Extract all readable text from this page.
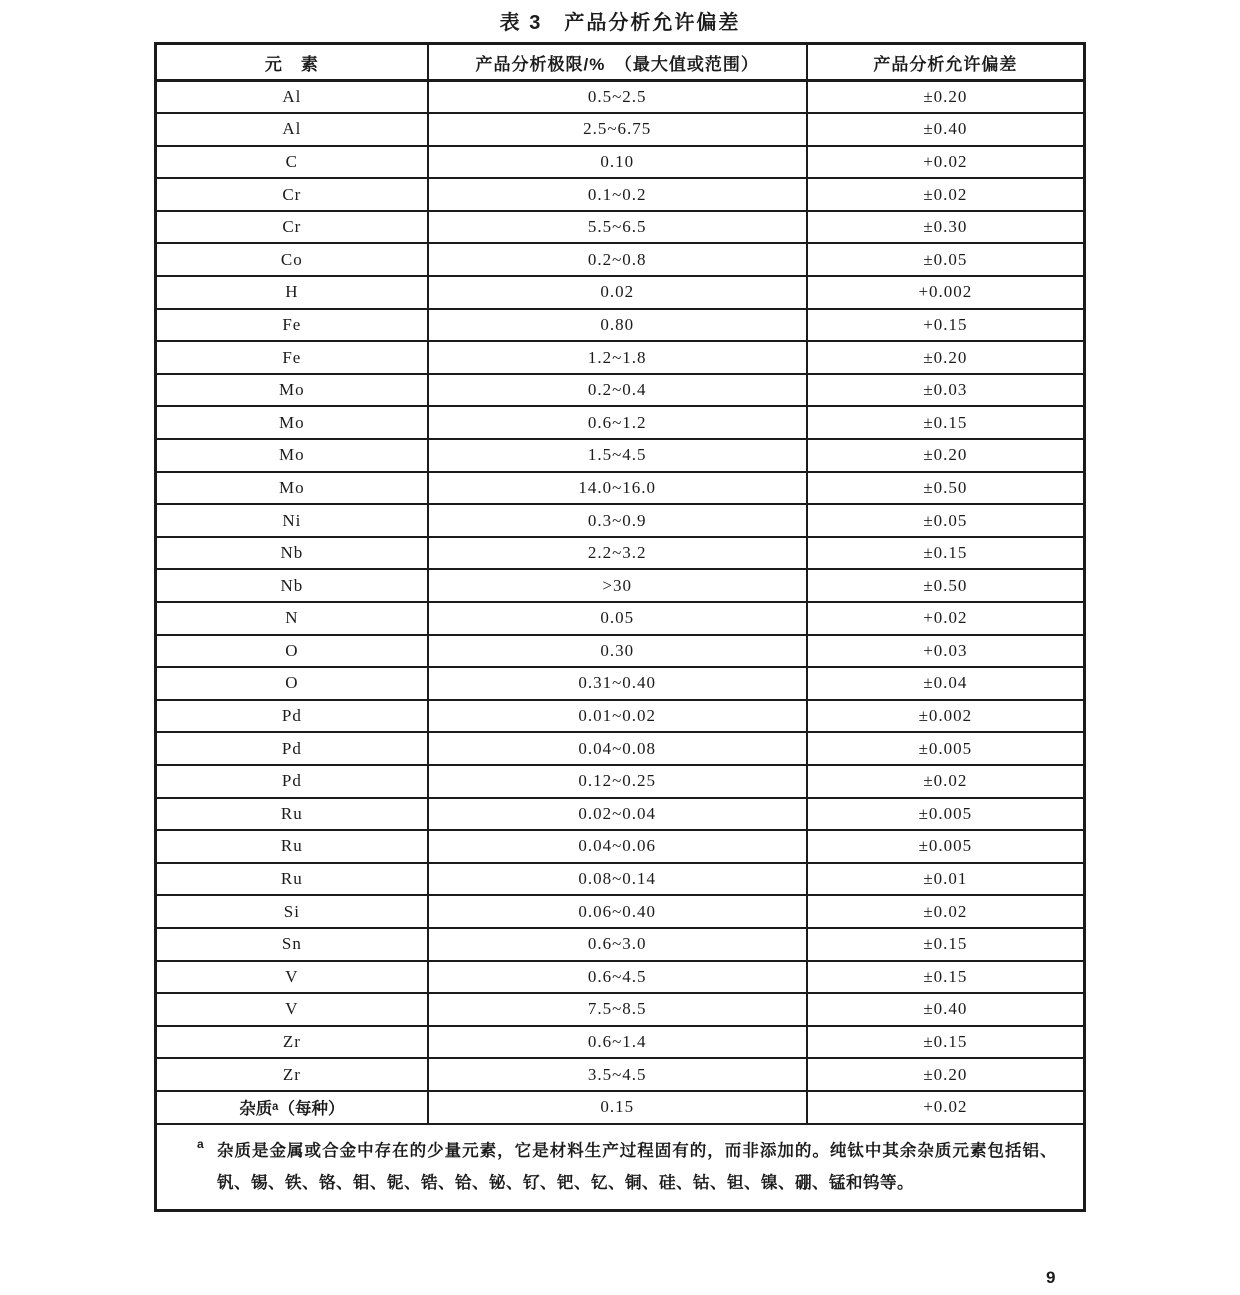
表 3　产品分析允许偏差
元　素	产品分析极限/%　（最大值或范围）	产品分析允许偏差
Al	0.5~2.5	±0.20
Al	2.5~6.75	±0.40
C	0.10	+0.02
Cr	0.1~0.2	±0.02
Cr	5.5~6.5	±0.30
Co	0.2~0.8	±0.05
H	0.02	+0.002
Fe	0.80	+0.15
Fe	1.2~1.8	±0.20
Mo	0.2~0.4	±0.03
Mo	0.6~1.2	±0.15
Mo	1.5~4.5	±0.20
Mo	14.0~16.0	±0.50
Ni	0.3~0.9	±0.05
Nb	2.2~3.2	±0.15
Nb	>30	±0.50
N	0.05	+0.02
O	0.30	+0.03
O	0.31~0.40	±0.04
Pd	0.01~0.02	±0.002
Pd	0.04~0.08	±0.005
Pd	0.12~0.25	±0.02
Ru	0.02~0.04	±0.005
Ru	0.04~0.06	±0.005
Ru	0.08~0.14	±0.01
Si	0.06~0.40	±0.02
Sn	0.6~3.0	±0.15
V	0.6~4.5	±0.15
V	7.5~8.5	±0.40
Zr	0.6~1.4	±0.15
Zr	3.5~4.5	±0.20
杂质ᵃ（每种）	0.15	+0.02

a 杂质是金属或合金中存在的少量元素，它是材料生产过程固有的，而非添加的。纯钛中其余杂质元素包括铝、钒、锡、铁、铬、钼、铌、锆、铪、铋、钌、钯、钇、铜、硅、钴、钽、镍、硼、锰和钨等。		
9
